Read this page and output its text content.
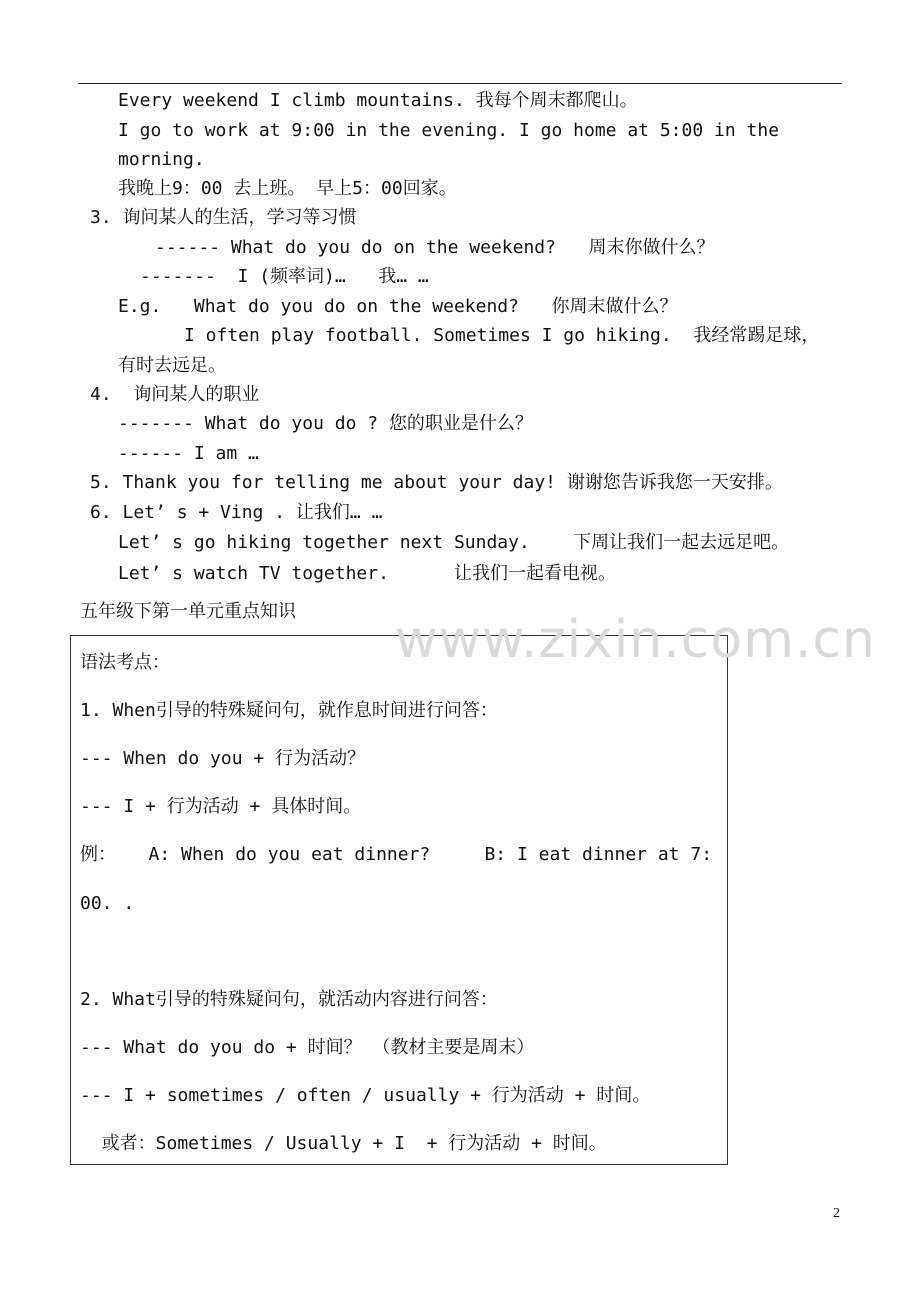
Every weekend I climb mountains. 我每个周末都爬山。
I go to work at 9:00 in the evening. I go home at 5:00 in the
morning.
我晚上9：00 去上班。 早上5：00回家。
3. 询问某人的生活，学习等习惯
------ What do you do on the weekend?   周末你做什么？
-------  I (频率词)…   我… …
E.g.   What do you do on the weekend?   你周末做什么？
I often play football. Sometimes I go hiking.  我经常踢足球，
有时去远足。
4.  询问某人的职业
------- What do you do ? 您的职业是什么？
------ I am …
5. Thank you for telling me about your day! 谢谢您告诉我您一天安排。
6. Let’ s + Ving . 让我们… …
Let’ s go hiking together next Sunday.    下周让我们一起去远足吧。
Let’ s watch TV together.      让我们一起看电视。
五年级下第一单元重点知识
语法考点：
1. When引导的特殊疑问句，就作息时间进行问答：
--- When do you + 行为活动？
--- I + 行为活动 + 具体时间。
例：   A: When do you eat dinner?     B: I eat dinner at 7:
00. .
2. What引导的特殊疑问句，就活动内容进行问答：
--- What do you do + 时间？ （教材主要是周末）
--- I + sometimes / often / usually + 行为活动 + 时间。
或者：Sometimes / Usually + I  + 行为活动 + 时间。
www.zixin.com.cn
2
